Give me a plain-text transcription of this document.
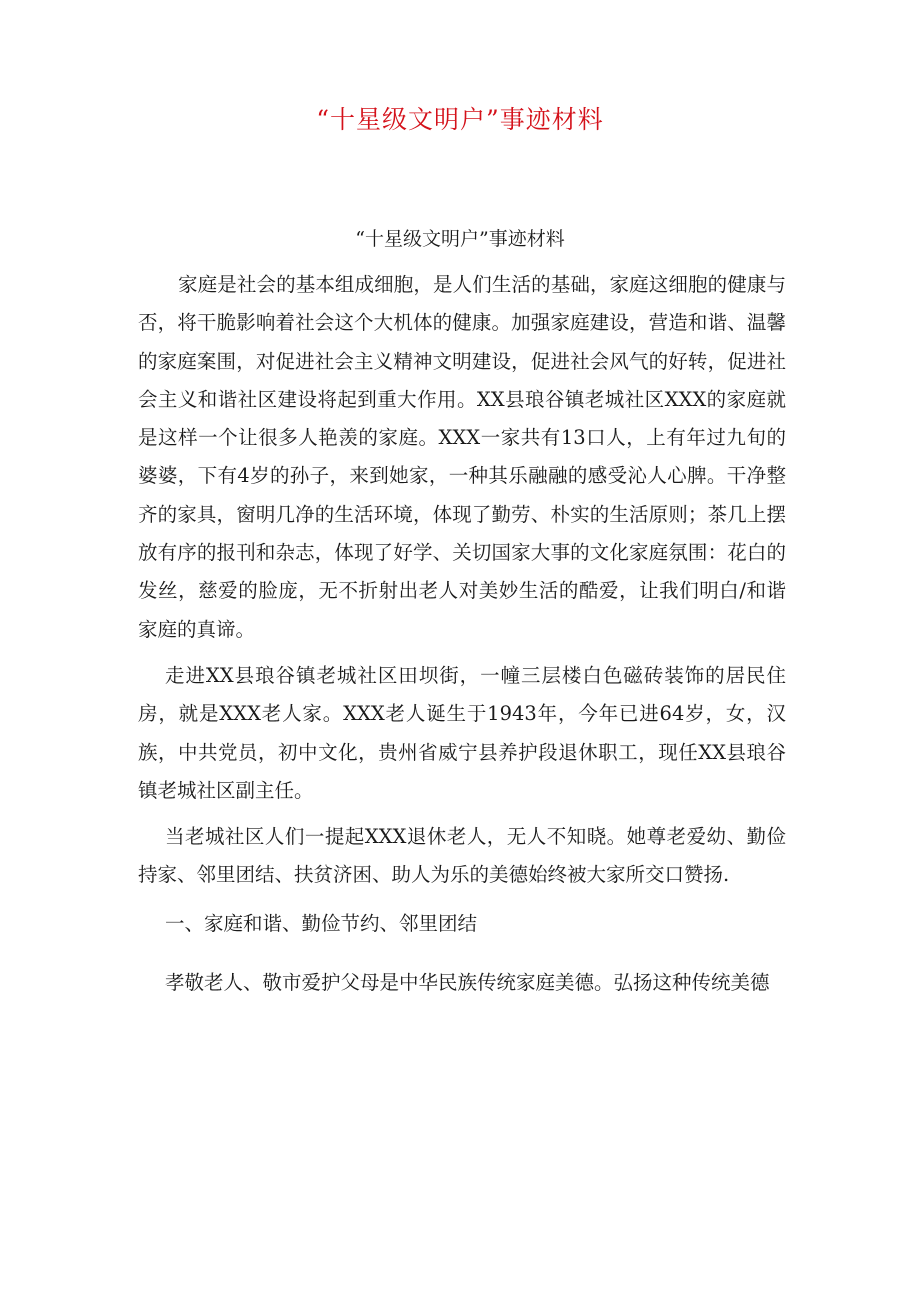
“十星级文明户”事迹材料
“十星级文明户”事迹材料

家庭是社会的基本组成细胞，是人们生活的基础，家庭这细胞的健康与否，将干脆影响着社会这个大机体的健康。加强家庭建设，营造和谐、温馨的家庭案围，对促进社会主义精神文明建设，促进社会风气的好转，促进社会主义和谐社区建设将起到重大作用。XX县琅谷镇老城社区XXX的家庭就是这样一个让很多人艳羡的家庭。XXX一家共有13口人，上有年过九旬的婆婆，下有4岁的孙子，来到她家，一种其乐融融的感受沁人心脾。干净整齐的家具，窗明几净的生活环境，体现了勤劳、朴实的生活原则；茶几上摆放有序的报刊和杂志，体现了好学、关切国家大事的文化家庭氛围：花白的发丝，慈爱的脸庞，无不折射出老人对美妙生活的酷爱，让我们明白/和谐家庭的真谛。

走进XX县琅谷镇老城社区田坝街，一幢三层楼白色磁砖装饰的居民住房，就是XXX老人家。XXX老人诞生于1943年，今年已进64岁，女，汉族，中共党员，初中文化，贵州省威宁县养护段退休职工，现任XX县琅谷镇老城社区副主任。

当老城社区人们一提起XXX退休老人，无人不知晓。她尊老爱幼、勤俭持家、邻里团结、扶贫济困、助人为乐的美德始终被大家所交口赞扬.

一、家庭和谐、勤俭节约、邻里团结

孝敬老人、敬市爱护父母是中华民族传统家庭美德。弘扬这种传统美德
